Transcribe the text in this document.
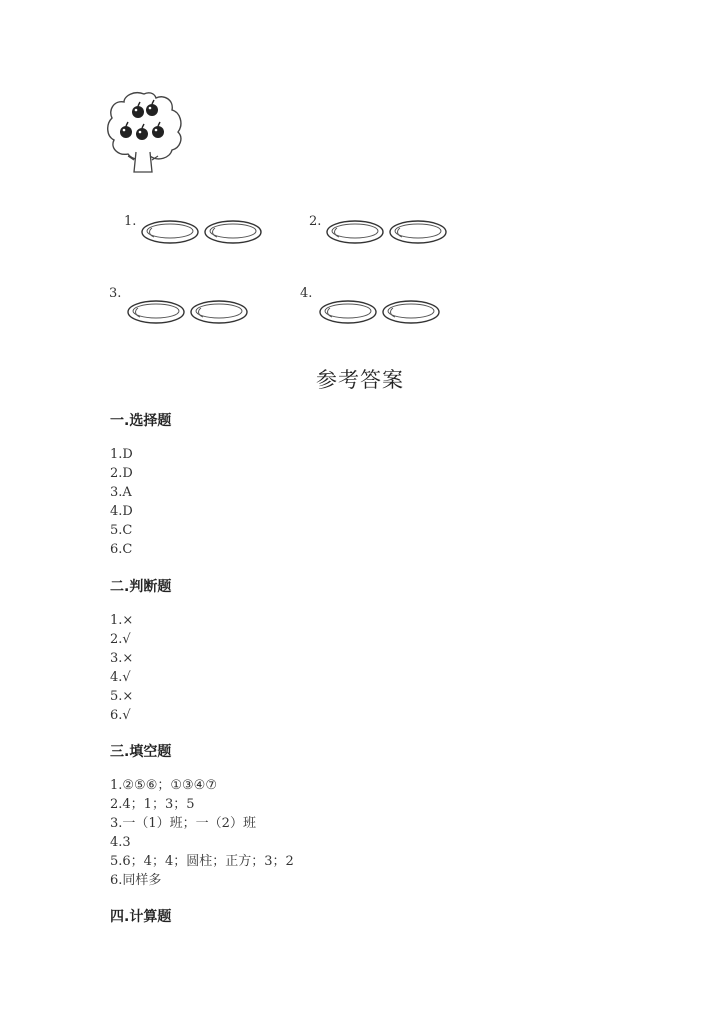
1.	2.
3.	4.
参考答案
一.选择题
1.D
2.D
3.A
4.D
5.C
6.C
二.判断题
1.×
2.√
3.×
4.√
5.×
6.√
三.填空题
1.②⑤⑥；①③④⑦
2.4；1；3；5
3.一（1）班；一（2）班
4.3
5.6；4；4；圆柱；正方；3；2
6.同样多
四.计算题
